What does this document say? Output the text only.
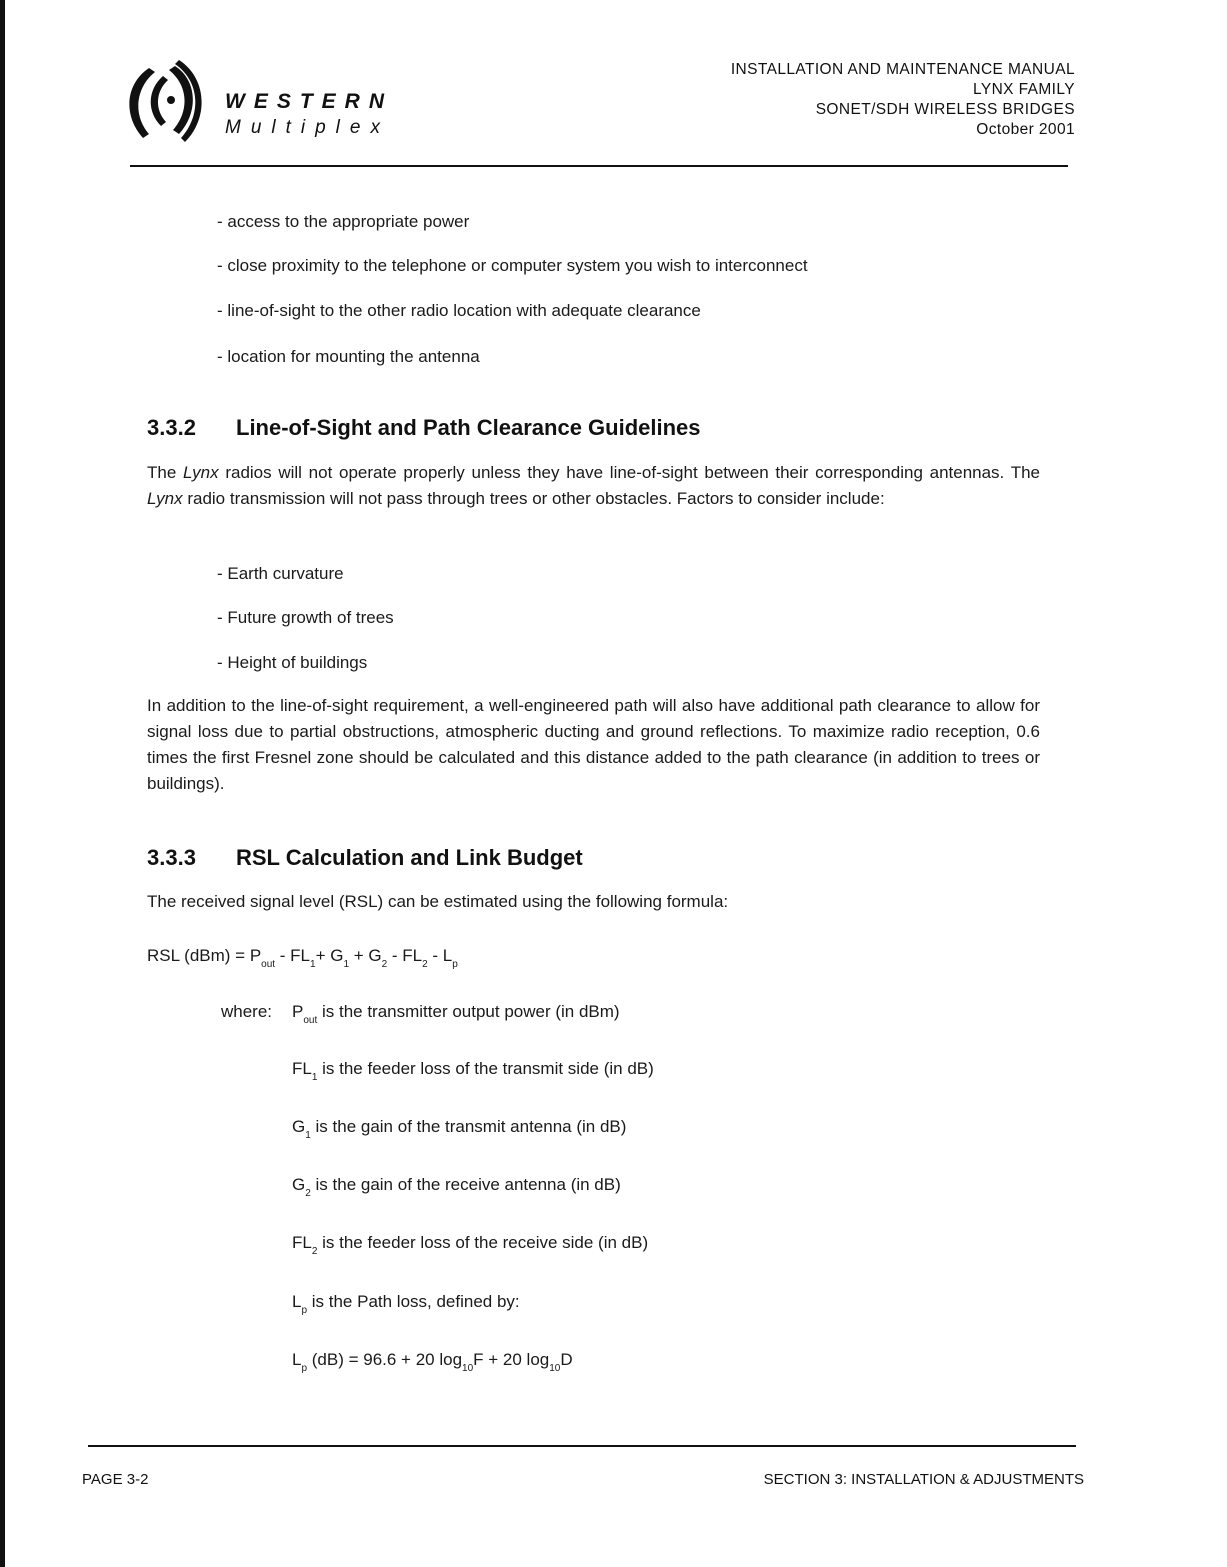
WESTERN
Multiplex
INSTALLATION AND MAINTENANCE MANUAL
LYNX FAMILY
SONET/SDH WIRELESS BRIDGES
October 2001
- access to the appropriate power
- close proximity to the telephone or computer system you wish to interconnect
- line-of-sight to the other radio location with adequate clearance
- location for mounting the antenna
3.3.2 Line-of-Sight and Path Clearance Guidelines

The Lynx radios will not operate properly unless they have line-of-sight between their corresponding antennas. The Lynx radio transmission will not pass through trees or other obstacles. Factors to consider include:

- Earth curvature
- Future growth of trees
- Height of buildings

In addition to the line-of-sight requirement, a well-engineered path will also have additional path clearance to allow for signal loss due to partial obstructions, atmospheric ducting and ground reflections. To maximize radio reception, 0.6 times the first Fresnel zone should be calculated and this distance added to the path clearance (in addition to trees or buildings).

3.3.3 RSL Calculation and Link Budget
The received signal level (RSL) can be estimated using the following formula:
RSL $(dBm) = P_{out} - FL_1+ G_1 + G_2 - FL_2 - L_p$
where: $P_{out}$ is the transmitter output power (in dBm)
$FL_1$ is the feeder loss of the transmit side (in dB)
$G_1$ is the gain of the transmit antenna (in dB)
$G_2$ is the gain of the receive antenna (in dB)
$FL_2$ is the feeder loss of the receive side (in dB)
$L_p$ is the Path loss, defined by:
$L_p$ (dB) = 96.6 + 20 $\log_{10}F + 20$ $\log_{10}D$
PAGE 3-2	SECTION 3: INSTALLATION & ADJUSTMENTS
